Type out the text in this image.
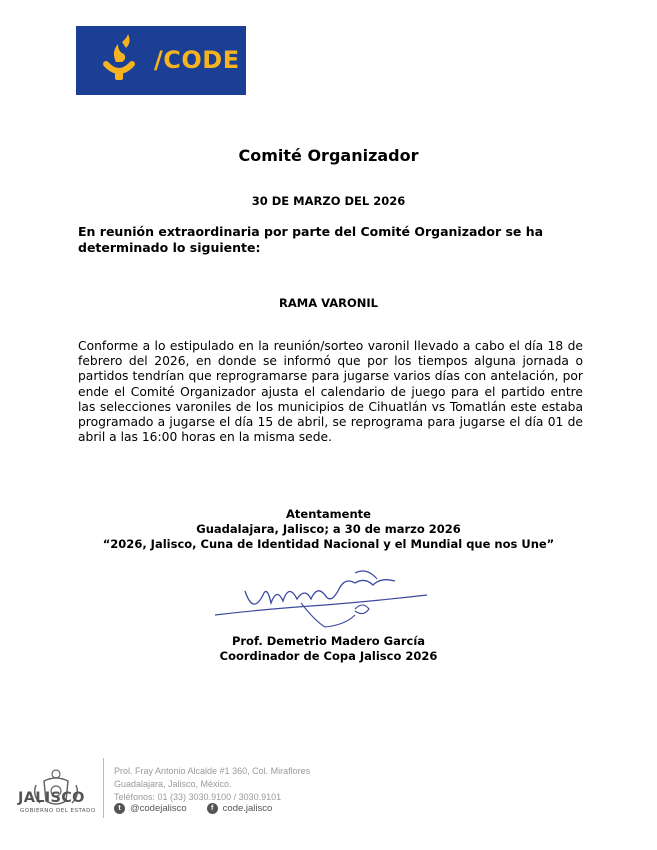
/CODE
Comité Organizador
30 DE MARZO DEL 2026
En reunión extraordinaria por parte del Comité Organizador se ha determinado lo siguiente:
RAMA VARONIL
Conforme a lo estipulado en la reunión/sorteo varonil llevado a cabo el día 18 de febrero del 2026, en donde se informó que por los tiempos alguna jornada o partidos tendrían que reprogramarse para jugarse varios días con antelación, por ende el Comité Organizador ajusta el calendario de juego para el partido entre las selecciones varoniles de los municipios de Cihuatlán vs Tomatlán este estaba programado a jugarse el día 15 de abril, se reprograma para jugarse el día 01 de abril a las 16:00 horas en la misma sede.
Atentamente
Guadalajara, Jalisco; a 30 de marzo 2026
“2026, Jalisco, Cuna de Identidad Nacional y el Mundial que nos Une”
Prof. Demetrio Madero García
Coordinador de Copa Jalisco 2026
JALISCO
GOBIERNO DEL ESTADO
Prol. Fray Antonio Alcalde #1 360, Col. Miraflores
Guadalajara, Jalisco, México.
Teléfonos: 01 (33) 3030.9100 / 3030.9101
t @codejalisco	f code.jalisco
